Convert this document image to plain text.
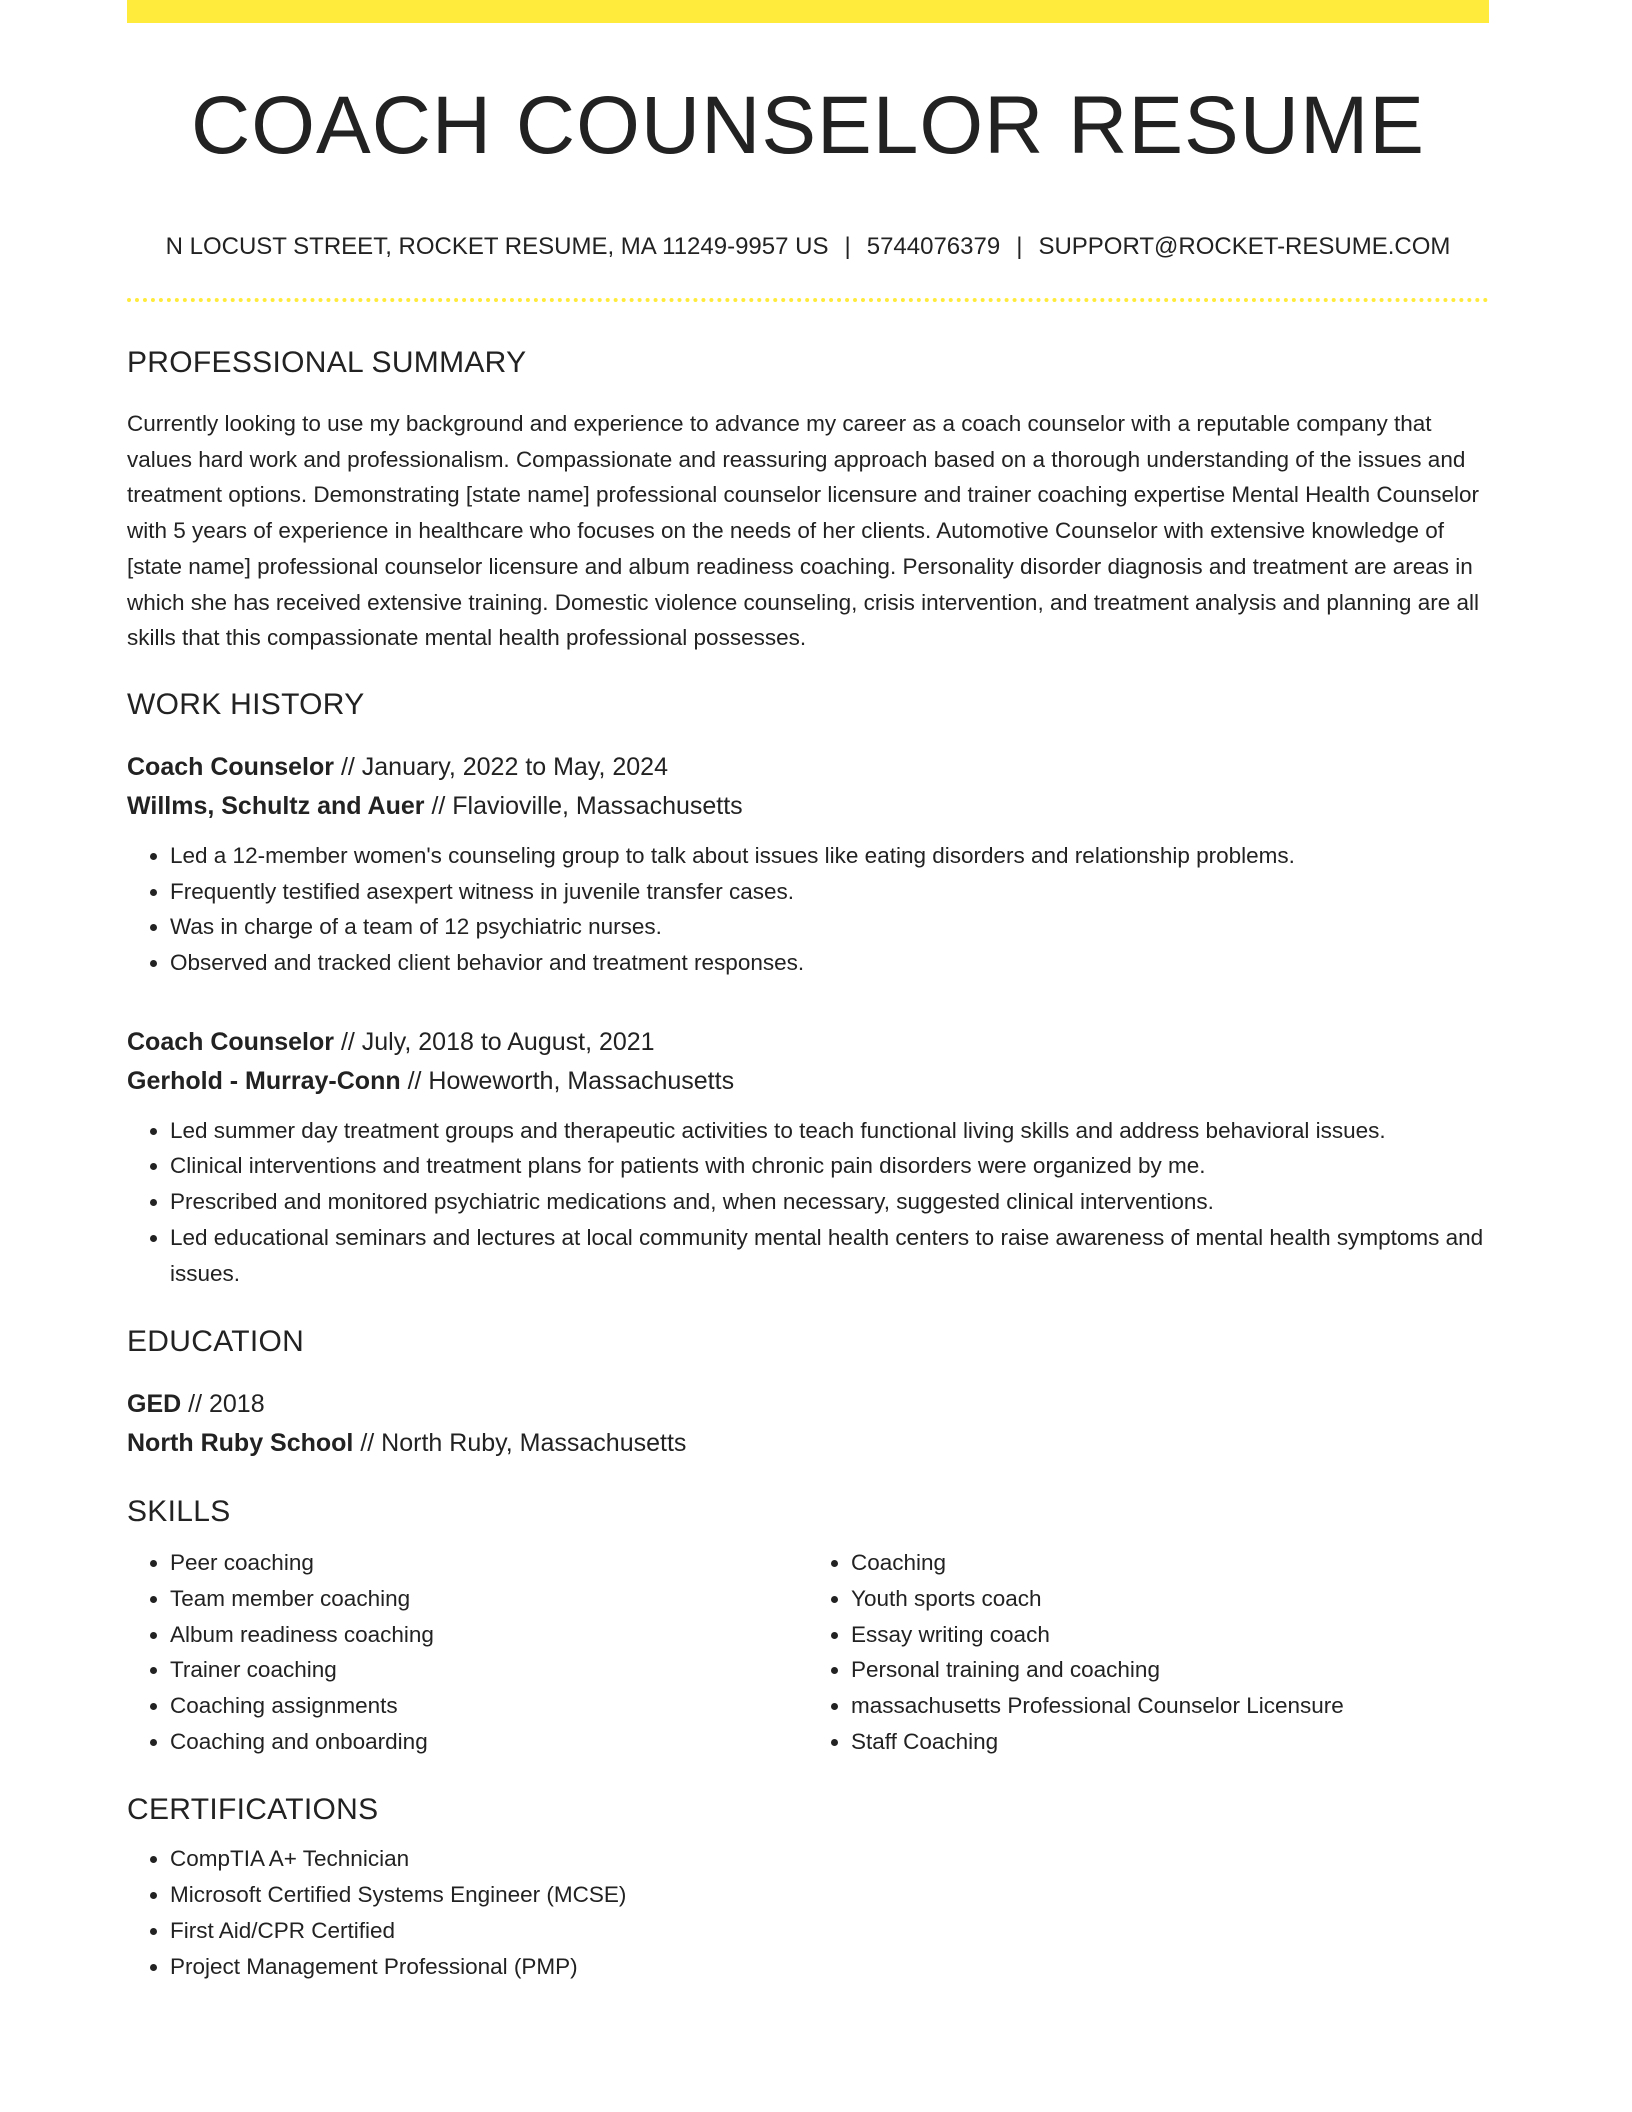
COACH COUNSELOR RESUME
N LOCUST STREET, ROCKET RESUME, MA 11249-9957 US | 5744076379 | SUPPORT@ROCKET-RESUME.COM
PROFESSIONAL SUMMARY
Currently looking to use my background and experience to advance my career as a coach counselor with a reputable company that values hard work and professionalism. Compassionate and reassuring approach based on a thorough understanding of the issues and treatment options. Demonstrating [state name] professional counselor licensure and trainer coaching expertise Mental Health Counselor with 5 years of experience in healthcare who focuses on the needs of her clients. Automotive Counselor with extensive knowledge of [state name] professional counselor licensure and album readiness coaching. Personality disorder diagnosis and treatment are areas in which she has received extensive training. Domestic violence counseling, crisis intervention, and treatment analysis and planning are all skills that this compassionate mental health professional possesses.
WORK HISTORY
Coach Counselor // January, 2022 to May, 2024
Willms, Schultz and Auer // Flavioville, Massachusetts
• Led a 12-member women's counseling group to talk about issues like eating disorders and relationship problems.
• Frequently testified asexpert witness in juvenile transfer cases.
• Was in charge of a team of 12 psychiatric nurses.
• Observed and tracked client behavior and treatment responses.
Coach Counselor // July, 2018 to August, 2021
Gerhold - Murray-Conn // Howeworth, Massachusetts
• Led summer day treatment groups and therapeutic activities to teach functional living skills and address behavioral issues.
• Clinical interventions and treatment plans for patients with chronic pain disorders were organized by me.
• Prescribed and monitored psychiatric medications and, when necessary, suggested clinical interventions.
• Led educational seminars and lectures at local community mental health centers to raise awareness of mental health symptoms and issues.
EDUCATION
GED // 2018
North Ruby School // North Ruby, Massachusetts
SKILLS
• Peer coaching
• Team member coaching
• Album readiness coaching
• Trainer coaching
• Coaching assignments
• Coaching and onboarding
• Coaching
• Youth sports coach
• Essay writing coach
• Personal training and coaching
• massachusetts Professional Counselor Licensure
• Staff Coaching
CERTIFICATIONS
• CompTIA A+ Technician
• Microsoft Certified Systems Engineer (MCSE)
• First Aid/CPR Certified
• Project Management Professional (PMP)
